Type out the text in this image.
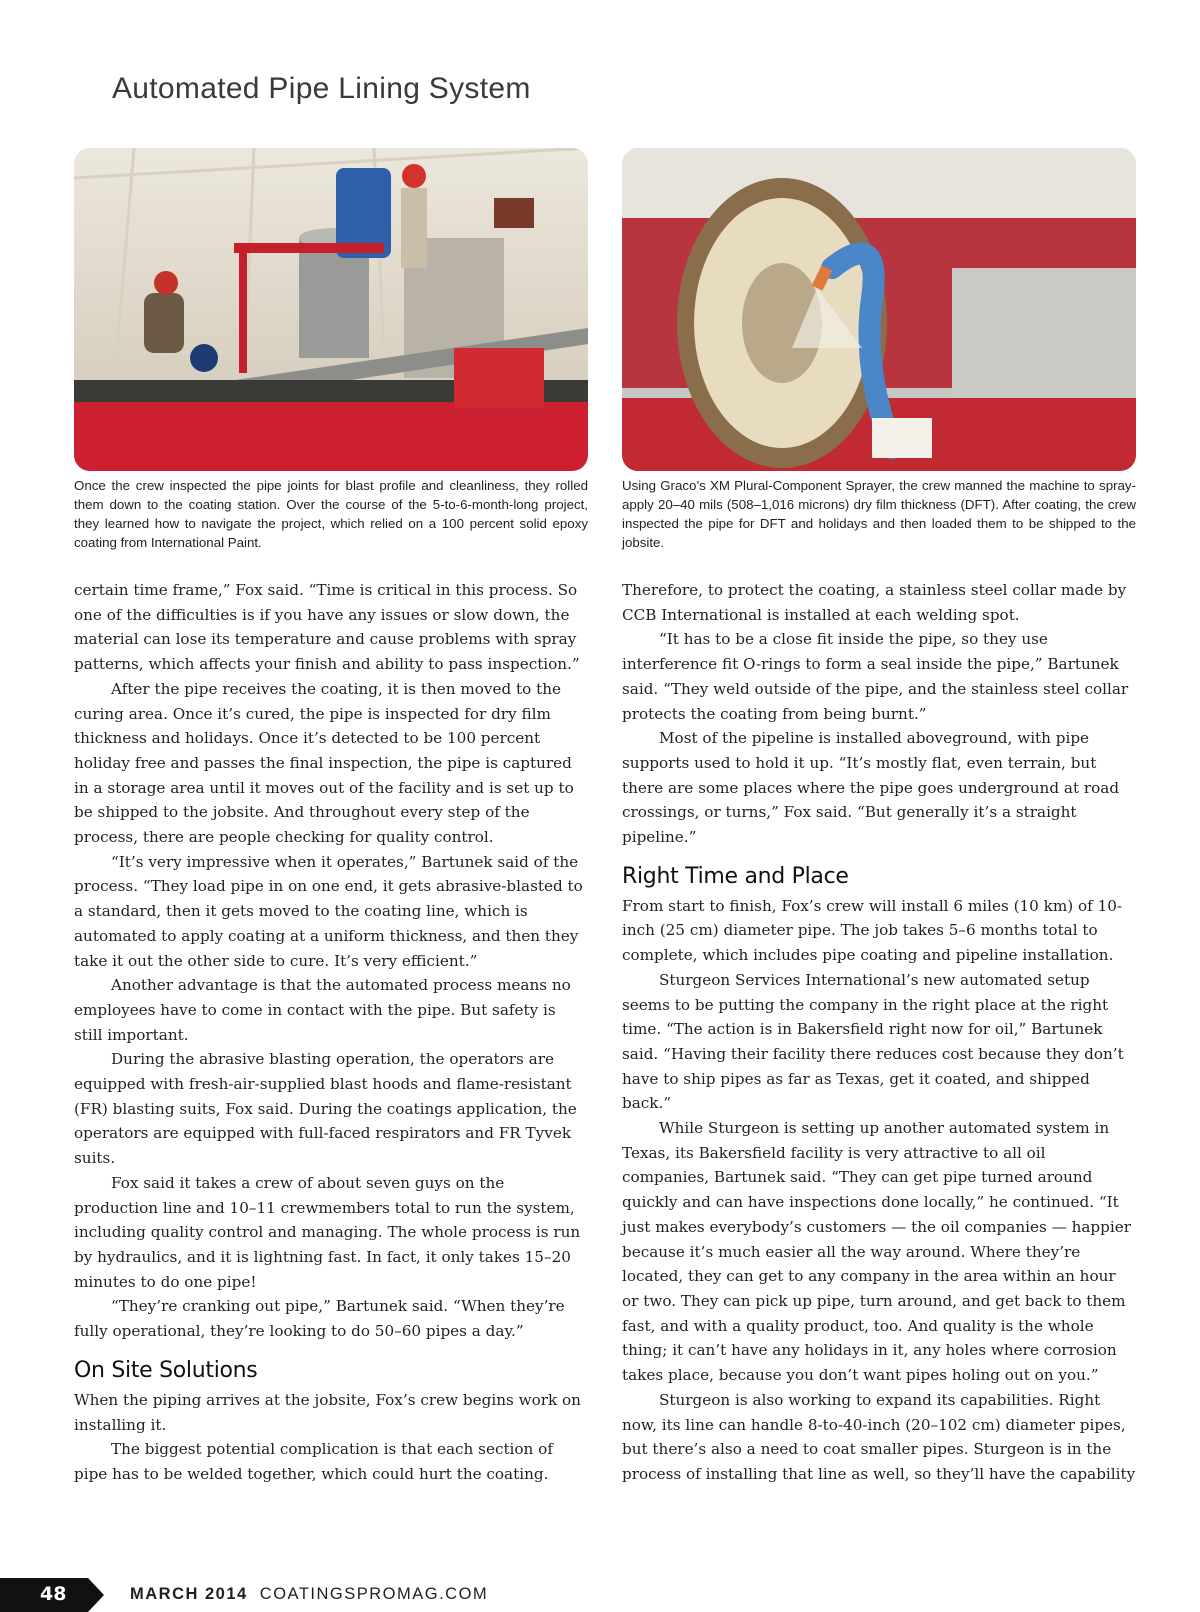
Automated Pipe Lining System
Once the crew inspected the pipe joints for blast profile and cleanliness, they rolled them down to the coating station. Over the course of the 5-to-6-month-long project, they learned how to navigate the project, which relied on a 100 percent solid epoxy coating from International Paint.
Using Graco’s XM Plural-Component Sprayer, the crew manned the machine to spray-apply 20–40 mils (508–1,016 microns) dry film thickness (DFT). After coating, the crew inspected the pipe for DFT and holidays and then loaded them to be shipped to the jobsite.

certain time frame,” Fox said. “Time is critical in this process. So one of the difficulties is if you have any issues or slow down, the material can lose its temperature and cause problems with spray patterns, which affects your finish and ability to pass inspection.”

After the pipe receives the coating, it is then moved to the curing area. Once it’s cured, the pipe is inspected for dry film thickness and holidays. Once it’s detected to be 100 percent holiday free and passes the final inspection, the pipe is captured in a storage area until it moves out of the facility and is set up to be shipped to the jobsite. And throughout every step of the process, there are people checking for quality control.

“It’s very impressive when it operates,” Bartunek said of the process. “They load pipe in on one end, it gets abrasive-blasted to a standard, then it gets moved to the coating line, which is automated to apply coating at a uniform thickness, and then they take it out the other side to cure. It’s very efficient.”

Another advantage is that the automated process means no employees have to come in contact with the pipe. But safety is still important.

During the abrasive blasting operation, the operators are equipped with fresh-air-supplied blast hoods and flame-resistant (FR) blasting suits, Fox said. During the coatings application, the operators are equipped with full-faced respirators and FR Tyvek suits.

Fox said it takes a crew of about seven guys on the production line and 10–11 crewmembers total to run the system, including quality control and managing. The whole process is run by hydraulics, and it is lightning fast. In fact, it only takes 15–20 minutes to do one pipe!

“They’re cranking out pipe,” Bartunek said. “When they’re fully operational, they’re looking to do 50–60 pipes a day.”

On Site Solutions

When the piping arrives at the jobsite, Fox’s crew begins work on installing it.

The biggest potential complication is that each section of pipe has to be welded together, which could hurt the coating.

Therefore, to protect the coating, a stainless steel collar made by CCB International is installed at each welding spot.

“It has to be a close fit inside the pipe, so they use interference fit O-rings to form a seal inside the pipe,” Bartunek said. “They weld outside of the pipe, and the stainless steel collar protects the coating from being burnt.”

Most of the pipeline is installed aboveground, with pipe supports used to hold it up. “It’s mostly flat, even terrain, but there are some places where the pipe goes underground at road crossings, or turns,” Fox said. “But generally it’s a straight pipeline.”

Right Time and Place

From start to finish, Fox’s crew will install 6 miles (10 km) of 10-inch (25 cm) diameter pipe. The job takes 5–6 months total to complete, which includes pipe coating and pipeline installation.

Sturgeon Services International’s new automated setup seems to be putting the company in the right place at the right time. “The action is in Bakersfield right now for oil,” Bartunek said. “Having their facility there reduces cost because they don’t have to ship pipes as far as Texas, get it coated, and shipped back.”

While Sturgeon is setting up another automated system in Texas, its Bakersfield facility is very attractive to all oil companies, Bartunek said. “They can get pipe turned around quickly and can have inspections done locally,” he continued. “It just makes everybody’s customers — the oil companies — happier because it’s much easier all the way around. Where they’re located, they can get to any company in the area within an hour or two. They can pick up pipe, turn around, and get back to them fast, and with a quality product, too. And quality is the whole thing; it can’t have any holidays in it, any holes where corrosion takes place, because you don’t want pipes holing out on you.”

Sturgeon is also working to expand its capabilities. Right now, its line can handle 8-to-40-inch (20–102 cm) diameter pipes, but there’s also a need to coat smaller pipes. Sturgeon is in the process of installing that line as well, so they’ll have the capability

48	MARCH 2014 COATINGSPROMAG.COM
